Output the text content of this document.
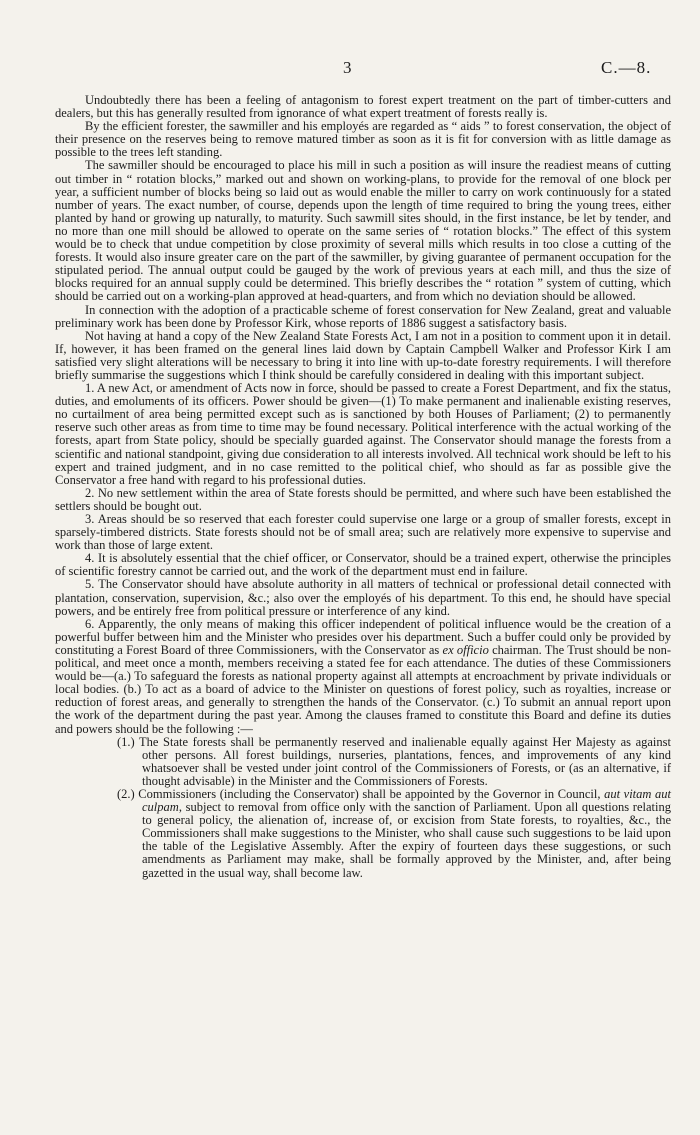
3	C.—8.

Undoubtedly there has been a feeling of antagonism to forest expert treatment on the part of timber-cutters and dealers, but this has generally resulted from ignorance of what expert treatment of forests really is.

By the efficient forester, the sawmiller and his employés are regarded as “ aids ” to forest conservation, the object of their presence on the reserves being to remove matured timber as soon as it is fit for conversion with as little damage as possible to the trees left standing.

The sawmiller should be encouraged to place his mill in such a position as will insure the readiest means of cutting out timber in “ rotation blocks,” marked out and shown on working-plans, to provide for the removal of one block per year, a sufficient number of blocks being so laid out as would enable the miller to carry on work continuously for a stated number of years. The exact number, of course, depends upon the length of time required to bring the young trees, either planted by hand or growing up naturally, to maturity. Such sawmill sites should, in the first instance, be let by tender, and no more than one mill should be allowed to operate on the same series of “ rotation blocks.” The effect of this system would be to check that undue competition by close proximity of several mills which results in too close a cutting of the forests. It would also insure greater care on the part of the sawmiller, by giving guarantee of permanent occupation for the stipulated period. The annual output could be gauged by the work of previous years at each mill, and thus the size of blocks required for an annual supply could be determined. This briefly describes the “ rotation ” system of cutting, which should be carried out on a working-plan approved at head-quarters, and from which no deviation should be allowed.

In connection with the adoption of a practicable scheme of forest conservation for New Zealand, great and valuable preliminary work has been done by Professor Kirk, whose reports of 1886 suggest a satisfactory basis.

Not having at hand a copy of the New Zealand State Forests Act, I am not in a position to comment upon it in detail. If, however, it has been framed on the general lines laid down by Captain Campbell Walker and Professor Kirk I am satisfied very slight alterations will be necessary to bring it into line with up-to-date forestry requirements. I will therefore briefly summarise the suggestions which I think should be carefully considered in dealing with this important subject.

1. A new Act, or amendment of Acts now in force, should be passed to create a Forest Department, and fix the status, duties, and emoluments of its officers. Power should be given—(1) To make permanent and inalienable existing reserves, no curtailment of area being permitted except such as is sanctioned by both Houses of Parliament; (2) to permanently reserve such other areas as from time to time may be found necessary. Political interference with the actual working of the forests, apart from State policy, should be specially guarded against. The Conservator should manage the forests from a scientific and national standpoint, giving due consideration to all interests involved. All technical work should be left to his expert and trained judgment, and in no case remitted to the political chief, who should as far as possible give the Conservator a free hand with regard to his professional duties.

2. No new settlement within the area of State forests should be permitted, and where such have been established the settlers should be bought out.

3. Areas should be so reserved that each forester could supervise one large or a group of smaller forests, except in sparsely-timbered districts. State forests should not be of small area; such are relatively more expensive to supervise and work than those of large extent.

4. It is absolutely essential that the chief officer, or Conservator, should be a trained expert, otherwise the principles of scientific forestry cannot be carried out, and the work of the department must end in failure.

5. The Conservator should have absolute authority in all matters of technical or professional detail connected with plantation, conservation, supervision, &c.; also over the employés of his department. To this end, he should have special powers, and be entirely free from political pressure or interference of any kind.

6. Apparently, the only means of making this officer independent of political influence would be the creation of a powerful buffer between him and the Minister who presides over his department. Such a buffer could only be provided by constituting a Forest Board of three Commissioners, with the Conservator as ex officio chairman. The Trust should be non-political, and meet once a month, members receiving a stated fee for each attendance. The duties of these Commissioners would be—(a.) To safeguard the forests as national property against all attempts at encroachment by private individuals or local bodies. (b.) To act as a board of advice to the Minister on questions of forest policy, such as royalties, increase or reduction of forest areas, and generally to strengthen the hands of the Conservator. (c.) To submit an annual report upon the work of the department during the past year. Among the clauses framed to constitute this Board and define its duties and powers should be the following :—

(1.) The State forests shall be permanently reserved and inalienable equally against Her Majesty as against other persons. All forest buildings, nurseries, plantations, fences, and improvements of any kind whatsoever shall be vested under joint control of the Commissioners of Forests, or (as an alternative, if thought advisable) in the Minister and the Commissioners of Forests.
(2.) Commissioners (including the Conservator) shall be appointed by the Governor in Council, aut vitam aut culpam, subject to removal from office only with the sanction of Parliament. Upon all questions relating to general policy, the alienation of, increase of, or excision from State forests, to royalties, &c., the Commissioners shall make suggestions to the Minister, who shall cause such suggestions to be laid upon the table of the Legislative Assembly. After the expiry of fourteen days these suggestions, or such amendments as Parliament may make, shall be formally approved by the Minister, and, after being gazetted in the usual way, shall become law.
